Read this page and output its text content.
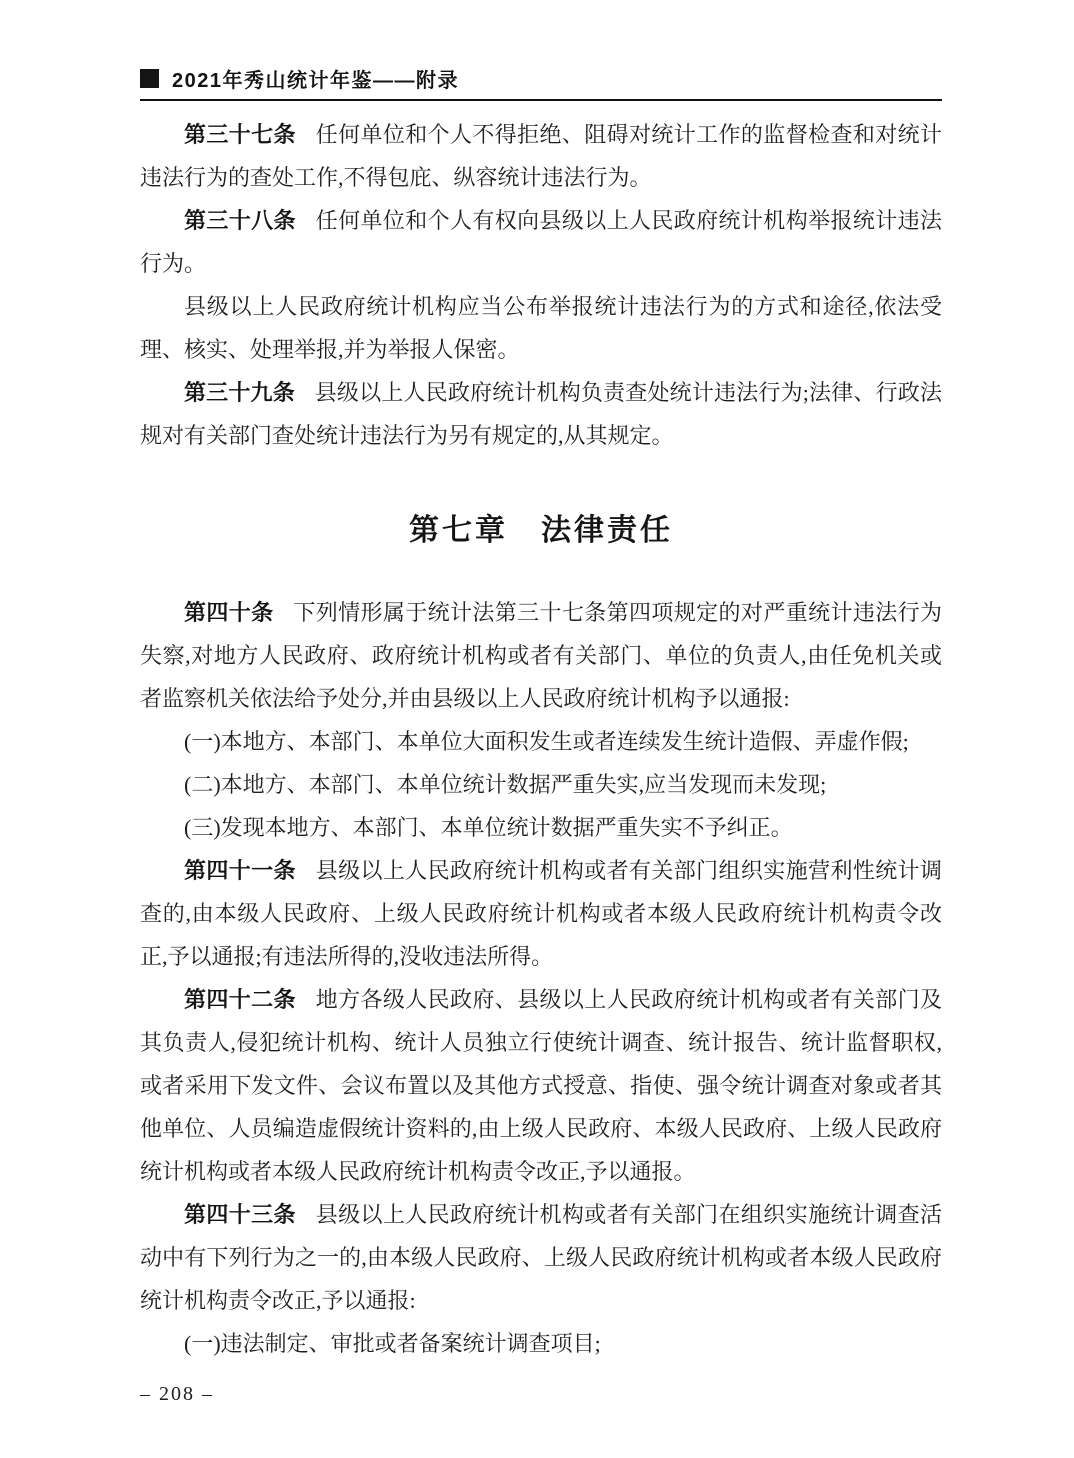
2021年秀山统计年鉴——附录

第三十七条 任何单位和个人不得拒绝、阻碍对统计工作的监督检查和对统计违法行为的查处工作,不得包庇、纵容统计违法行为。

第三十八条 任何单位和个人有权向县级以上人民政府统计机构举报统计违法行为。

县级以上人民政府统计机构应当公布举报统计违法行为的方式和途径,依法受理、核实、处理举报,并为举报人保密。

第三十九条 县级以上人民政府统计机构负责查处统计违法行为;法律、行政法规对有关部门查处统计违法行为另有规定的,从其规定。

第七章　法律责任

第四十条 下列情形属于统计法第三十七条第四项规定的对严重统计违法行为失察,对地方人民政府、政府统计机构或者有关部门、单位的负责人,由任免机关或者监察机关依法给予处分,并由县级以上人民政府统计机构予以通报:

(一)本地方、本部门、本单位大面积发生或者连续发生统计造假、弄虚作假;

(二)本地方、本部门、本单位统计数据严重失实,应当发现而未发现;

(三)发现本地方、本部门、本单位统计数据严重失实不予纠正。

第四十一条 县级以上人民政府统计机构或者有关部门组织实施营利性统计调查的,由本级人民政府、上级人民政府统计机构或者本级人民政府统计机构责令改正,予以通报;有违法所得的,没收违法所得。

第四十二条 地方各级人民政府、县级以上人民政府统计机构或者有关部门及其负责人,侵犯统计机构、统计人员独立行使统计调查、统计报告、统计监督职权,或者采用下发文件、会议布置以及其他方式授意、指使、强令统计调查对象或者其他单位、人员编造虚假统计资料的,由上级人民政府、本级人民政府、上级人民政府统计机构或者本级人民政府统计机构责令改正,予以通报。

第四十三条 县级以上人民政府统计机构或者有关部门在组织实施统计调查活动中有下列行为之一的,由本级人民政府、上级人民政府统计机构或者本级人民政府统计机构责令改正,予以通报:

(一)违法制定、审批或者备案统计调查项目;

– 208 –
